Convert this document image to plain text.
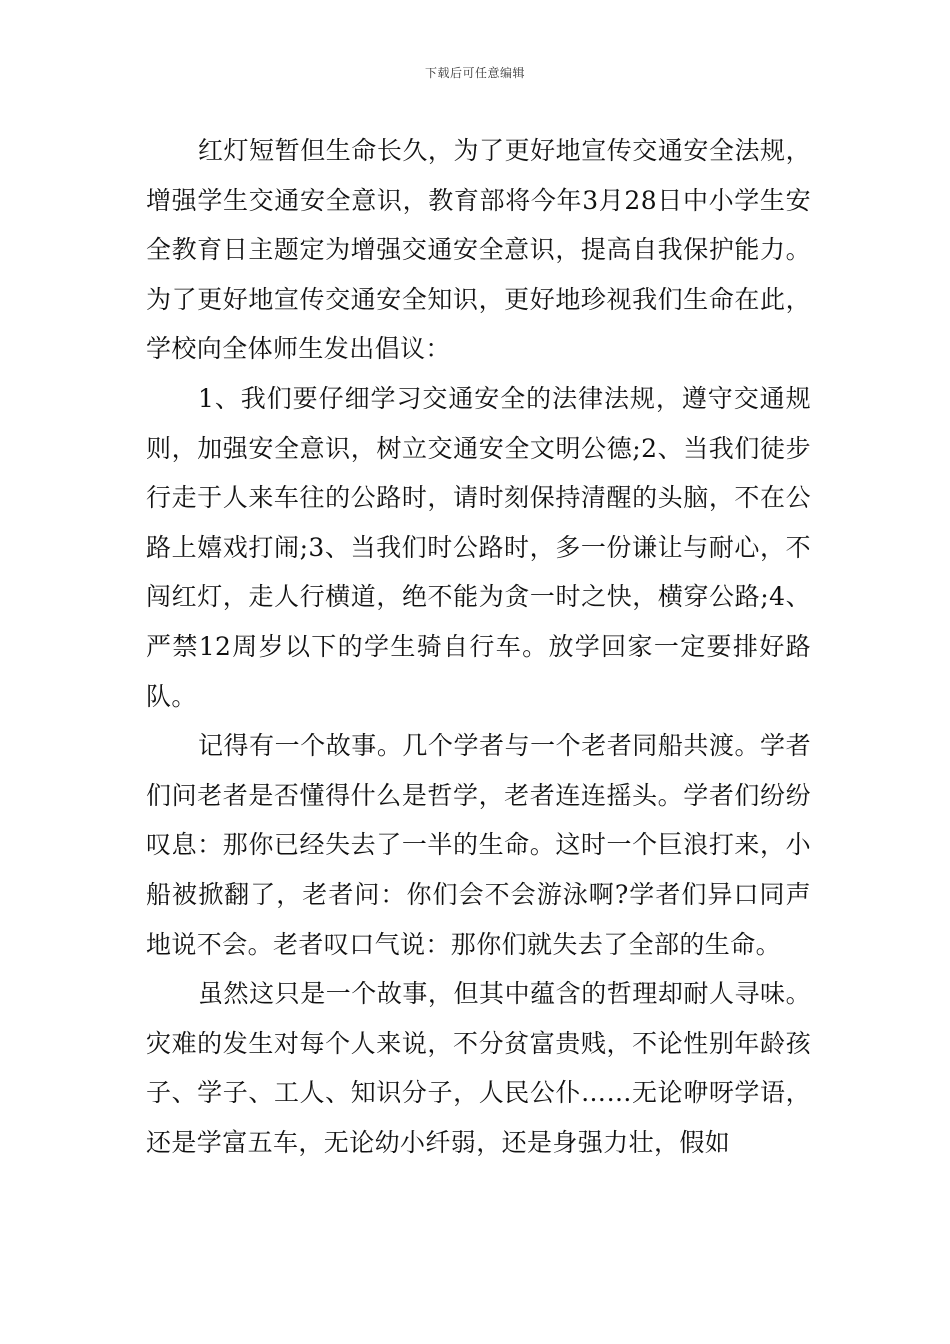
下载后可任意编辑

红灯短暂但生命长久，为了更好地宣传交通安全法规，增强学生交通安全意识，教育部将今年3月28日中小学生安全教育日主题定为增强交通安全意识，提高自我保护能力。为了更好地宣传交通安全知识，更好地珍视我们生命在此，学校向全体师生发出倡议：

1、我们要仔细学习交通安全的法律法规，遵守交通规则，加强安全意识，树立交通安全文明公德;2、当我们徒步行走于人来车往的公路时，请时刻保持清醒的头脑，不在公路上嬉戏打闹;3、当我们时公路时，多一份谦让与耐心，不闯红灯，走人行横道，绝不能为贪一时之快，横穿公路;4、严禁12周岁以下的学生骑自行车。放学回家一定要排好路队。

记得有一个故事。几个学者与一个老者同船共渡。学者们问老者是否懂得什么是哲学，老者连连摇头。学者们纷纷叹息：那你已经失去了一半的生命。这时一个巨浪打来，小船被掀翻了，老者问：你们会不会游泳啊?学者们异口同声地说不会。老者叹口气说：那你们就失去了全部的生命。

虽然这只是一个故事，但其中蕴含的哲理却耐人寻味。灾难的发生对每个人来说，不分贫富贵贱，不论性别年龄孩子、学子、工人、知识分子，人民公仆……无论咿呀学语，还是学富五车，无论幼小纤弱，还是身强力壮，假如
